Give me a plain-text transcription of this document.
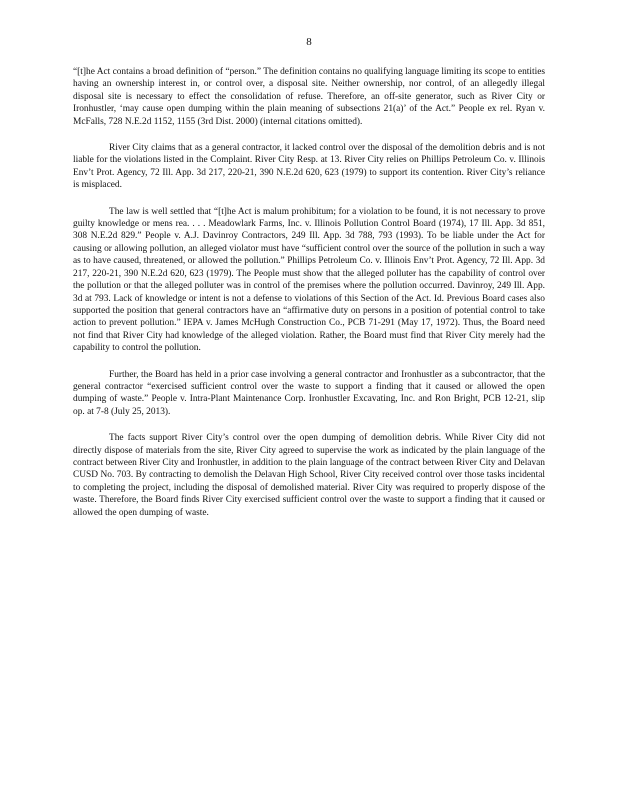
8

“[t]he Act contains a broad definition of “person.” The definition contains no qualifying language limiting its scope to entities having an ownership interest in, or control over, a disposal site. Neither ownership, nor control, of an allegedly illegal disposal site is necessary to effect the consolidation of refuse. Therefore, an off-site generator, such as River City or Ironhustler, ‘may cause open dumping within the plain meaning of subsections 21(a)’ of the Act.” People ex rel. Ryan v. McFalls, 728 N.E.2d 1152, 1155 (3rd Dist. 2000) (internal citations omitted).

River City claims that as a general contractor, it lacked control over the disposal of the demolition debris and is not liable for the violations listed in the Complaint. River City Resp. at 13. River City relies on Phillips Petroleum Co. v. Illinois Env’t Prot. Agency, 72 Ill. App. 3d 217, 220-21, 390 N.E.2d 620, 623 (1979) to support its contention. River City’s reliance is misplaced.

The law is well settled that “[t]he Act is malum prohibitum; for a violation to be found, it is not necessary to prove guilty knowledge or mens rea. . . . Meadowlark Farms, Inc. v. Illinois Pollution Control Board (1974), 17 Ill. App. 3d 851, 308 N.E.2d 829.” People v. A.J. Davinroy Contractors, 249 Ill. App. 3d 788, 793 (1993). To be liable under the Act for causing or allowing pollution, an alleged violator must have “sufficient control over the source of the pollution in such a way as to have caused, threatened, or allowed the pollution.” Phillips Petroleum Co. v. Illinois Env’t Prot. Agency, 72 Ill. App. 3d 217, 220-21, 390 N.E.2d 620, 623 (1979). The People must show that the alleged polluter has the capability of control over the pollution or that the alleged polluter was in control of the premises where the pollution occurred. Davinroy, 249 Ill. App. 3d at 793. Lack of knowledge or intent is not a defense to violations of this Section of the Act. Id. Previous Board cases also supported the position that general contractors have an “affirmative duty on persons in a position of potential control to take action to prevent pollution.” IEPA v. James McHugh Construction Co., PCB 71-291 (May 17, 1972). Thus, the Board need not find that River City had knowledge of the alleged violation. Rather, the Board must find that River City merely had the capability to control the pollution.

Further, the Board has held in a prior case involving a general contractor and Ironhustler as a subcontractor, that the general contractor “exercised sufficient control over the waste to support a finding that it caused or allowed the open dumping of waste.” People v. Intra-Plant Maintenance Corp. Ironhustler Excavating, Inc. and Ron Bright, PCB 12-21, slip op. at 7-8 (July 25, 2013).

The facts support River City’s control over the open dumping of demolition debris. While River City did not directly dispose of materials from the site, River City agreed to supervise the work as indicated by the plain language of the contract between River City and Ironhustler, in addition to the plain language of the contract between River City and Delavan CUSD No. 703. By contracting to demolish the Delavan High School, River City received control over those tasks incidental to completing the project, including the disposal of demolished material. River City was required to properly dispose of the waste. Therefore, the Board finds River City exercised sufficient control over the waste to support a finding that it caused or allowed the open dumping of waste.
